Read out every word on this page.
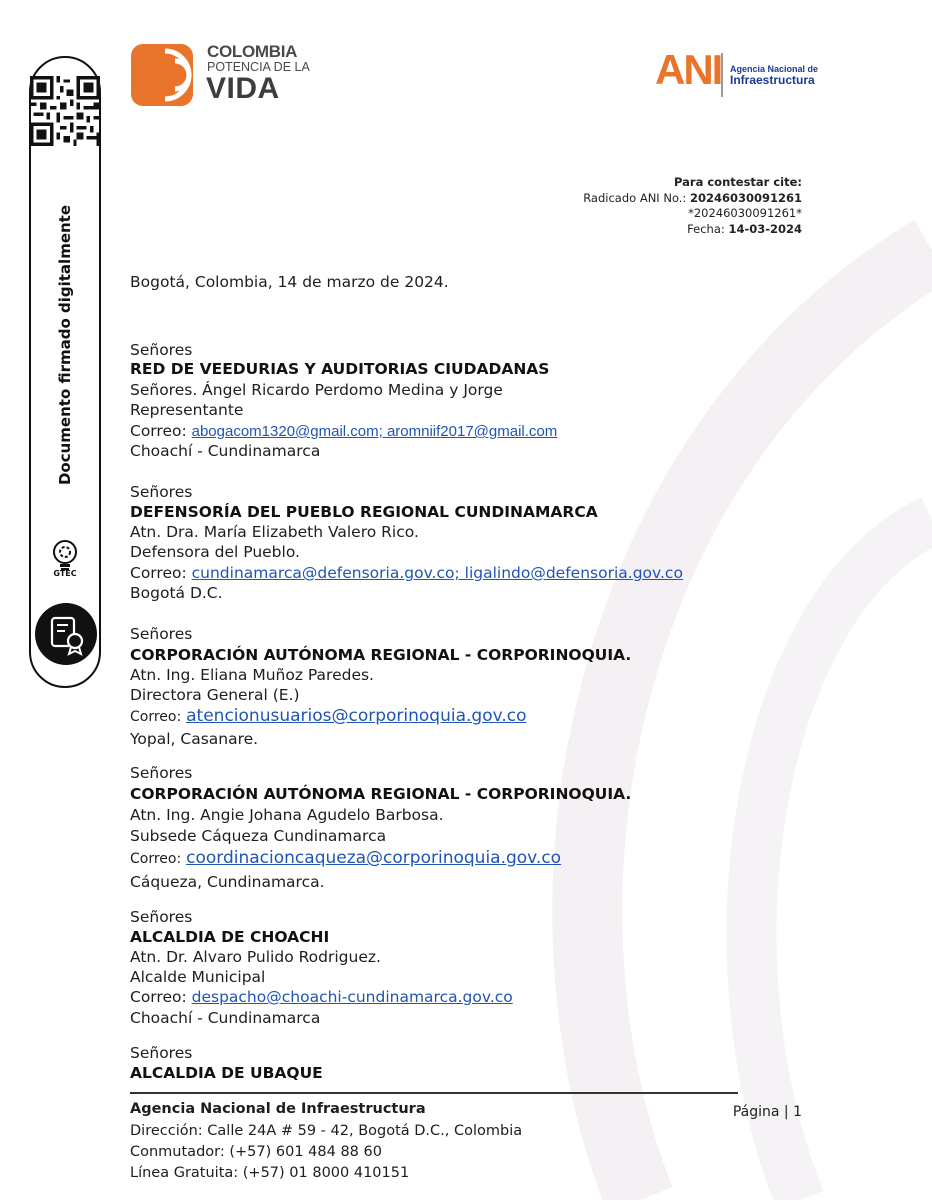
Documento firmado digitalmente
GTEC
COLOMBIA
POTENCIA DE LA
VIDA	ANI Agencia Nacional de
Infraestructura
Para contestar cite:
Radicado ANI No.: 20246030091261
*20246030091261*
Fecha: 14-03-2024
Bogotá, Colombia, 14 de marzo de 2024.
Señores
RED DE VEEDURIAS Y AUDITORIAS CIUDADANAS
Señores. Ángel Ricardo Perdomo Medina y Jorge
Representante
Correo: abogacom1320@gmail.com; aromniif2017@gmail.com
Choachí - Cundinamarca
Señores
DEFENSORÍA DEL PUEBLO REGIONAL CUNDINAMARCA
Atn. Dra. María Elizabeth Valero Rico.
Defensora del Pueblo.
Correo: cundinamarca@defensoria.gov.co; ligalindo@defensoria.gov.co
Bogotá D.C.
Señores
CORPORACIÓN AUTÓNOMA REGIONAL - CORPORINOQUIA.
Atn. Ing. Eliana Muñoz Paredes.
Directora General (E.)
Correo: atencionusuarios@corporinoquia.gov.co
Yopal, Casanare.
Señores
CORPORACIÓN AUTÓNOMA REGIONAL - CORPORINOQUIA.
Atn. Ing. Angie Johana Agudelo Barbosa.
Subsede Cáqueza Cundinamarca
Correo: coordinacioncaqueza@corporinoquia.gov.co
Cáqueza, Cundinamarca.
Señores
ALCALDIA DE CHOACHI
Atn. Dr. Alvaro Pulido Rodriguez.
Alcalde Municipal
Correo: despacho@choachi-cundinamarca.gov.co
Choachí - Cundinamarca
Señores
ALCALDIA DE UBAQUE
Agencia Nacional de Infraestructura
Dirección: Calle 24A # 59 - 42, Bogotá D.C., Colombia
Conmutador: (+57) 601 484 88 60
Línea Gratuita: (+57) 01 8000 410151
Página | 1
